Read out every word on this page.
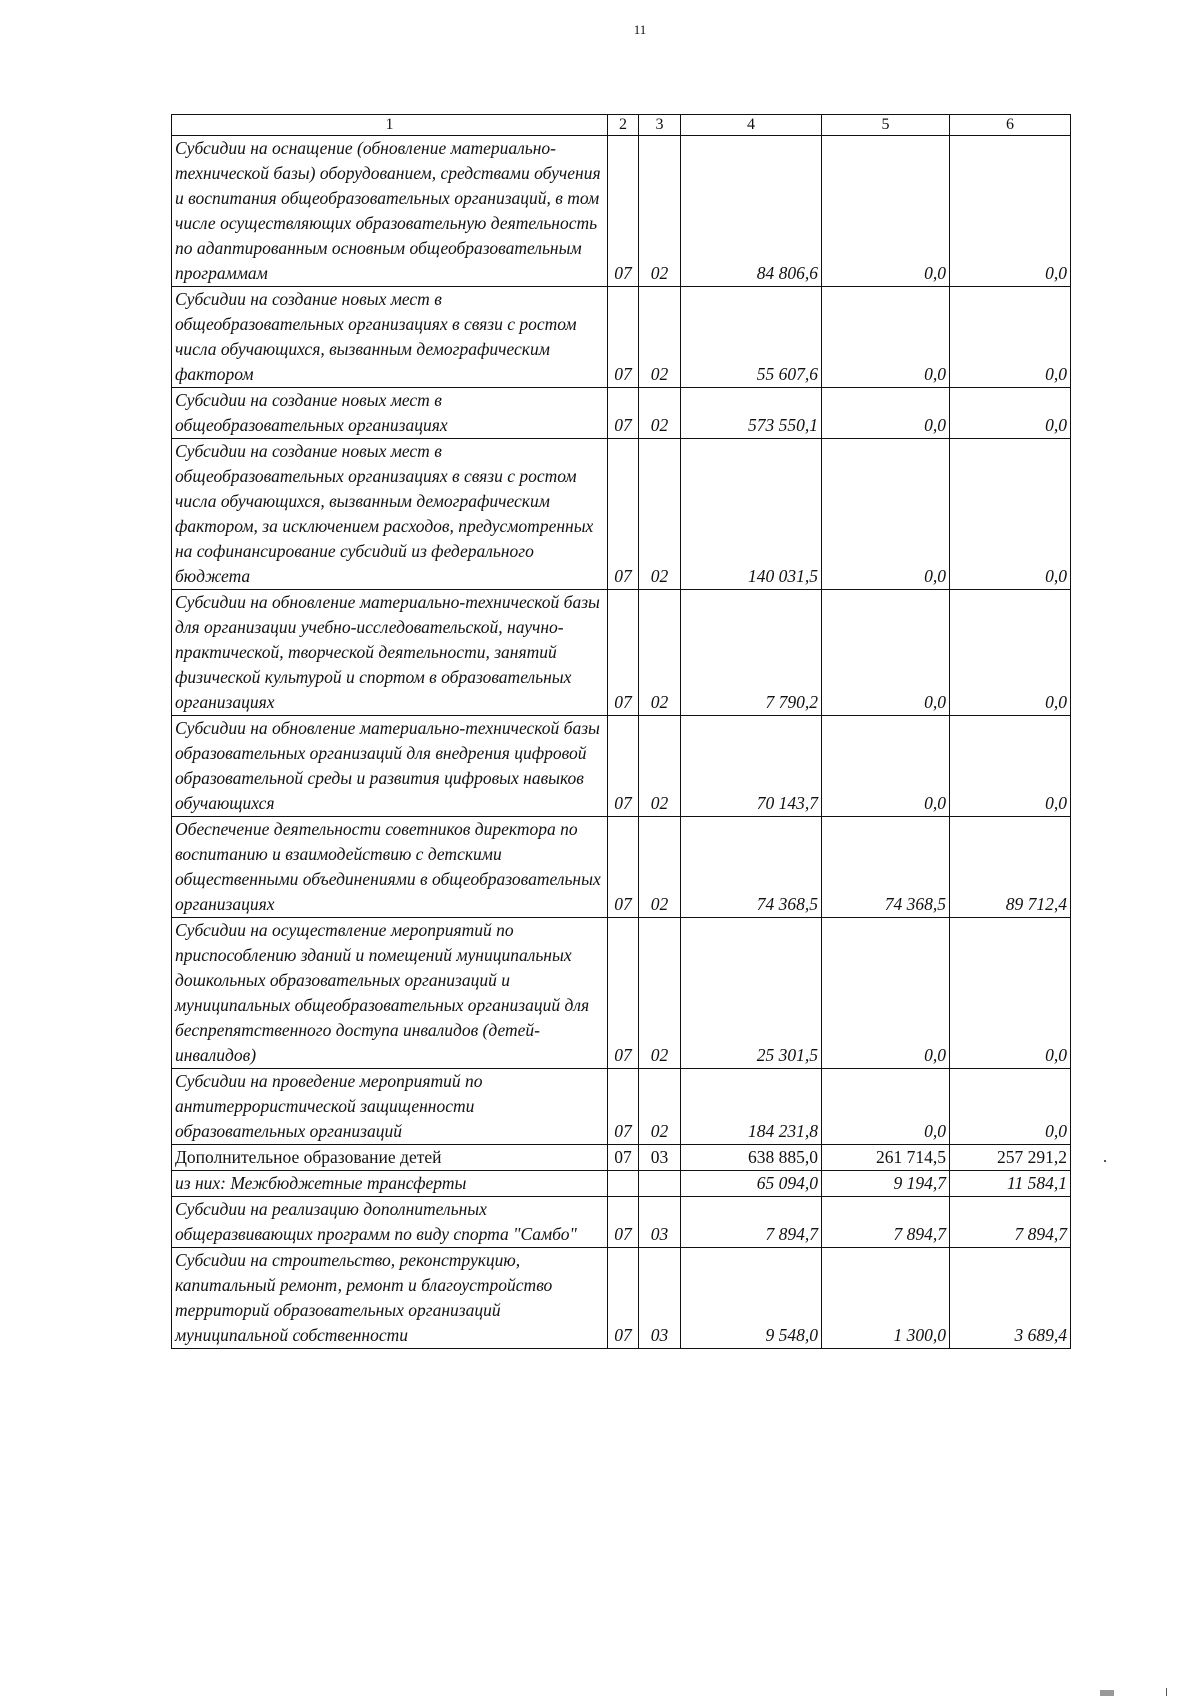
11
1	2	3	4	5	6
Субсидии на оснащение (обновление материально-технической базы) оборудованием, средствами обучения и воспитания общеобразовательных организаций, в том числе осуществляющих образовательную деятельность по адаптированным основным общеобразовательным программам	07	02	84 806,6	0,0	0,0
Субсидии на создание новых мест в общеобразовательных организациях в связи с ростом числа обучающихся, вызванным демографическим фактором	07	02	55 607,6	0,0	0,0
Субсидии на создание новых мест в общеобразовательных организациях	07	02	573 550,1	0,0	0,0
Субсидии на создание новых мест в общеобразовательных организациях в связи с ростом числа обучающихся, вызванным демографическим фактором, за исключением расходов, предусмотренных на софинансирование субсидий из федерального бюджета	07	02	140 031,5	0,0	0,0
Субсидии на обновление материально-технической базы для организации учебно-исследовательской, научно-практической, творческой деятельности, занятий физической культурой и спортом в образовательных организациях	07	02	7 790,2	0,0	0,0
Субсидии на обновление материально-технической базы образовательных организаций для внедрения цифровой образовательной среды и развития цифровых навыков обучающихся	07	02	70 143,7	0,0	0,0
Обеспечение деятельности советников директора по воспитанию и взаимодействию с детскими общественными объединениями в общеобразовательных организациях	07	02	74 368,5	74 368,5	89 712,4
Субсидии на осуществление мероприятий по приспособлению зданий и помещений муниципальных дошкольных образовательных организаций и муниципальных общеобразовательных организаций для беспрепятственного доступа инвалидов (детей-инвалидов)	07	02	25 301,5	0,0	0,0
Субсидии на проведение мероприятий по антитеррористической защищенности образовательных организаций	07	02	184 231,8	0,0	0,0
Дополнительное образование детей	07	03	638 885,0	261 714,5	257 291,2
из них: Межбюджетные трансферты			65 094,0	9 194,7	11 584,1
Субсидии на реализацию дополнительных общеразвивающих программ по виду спорта "Самбо"	07	03	7 894,7	7 894,7	7 894,7
Субсидии на строительство, реконструкцию, капитальный ремонт, ремонт и благоустройство территорий образовательных организаций муниципальной собственности	07	03	9 548,0	1 300,0	3 689,4
